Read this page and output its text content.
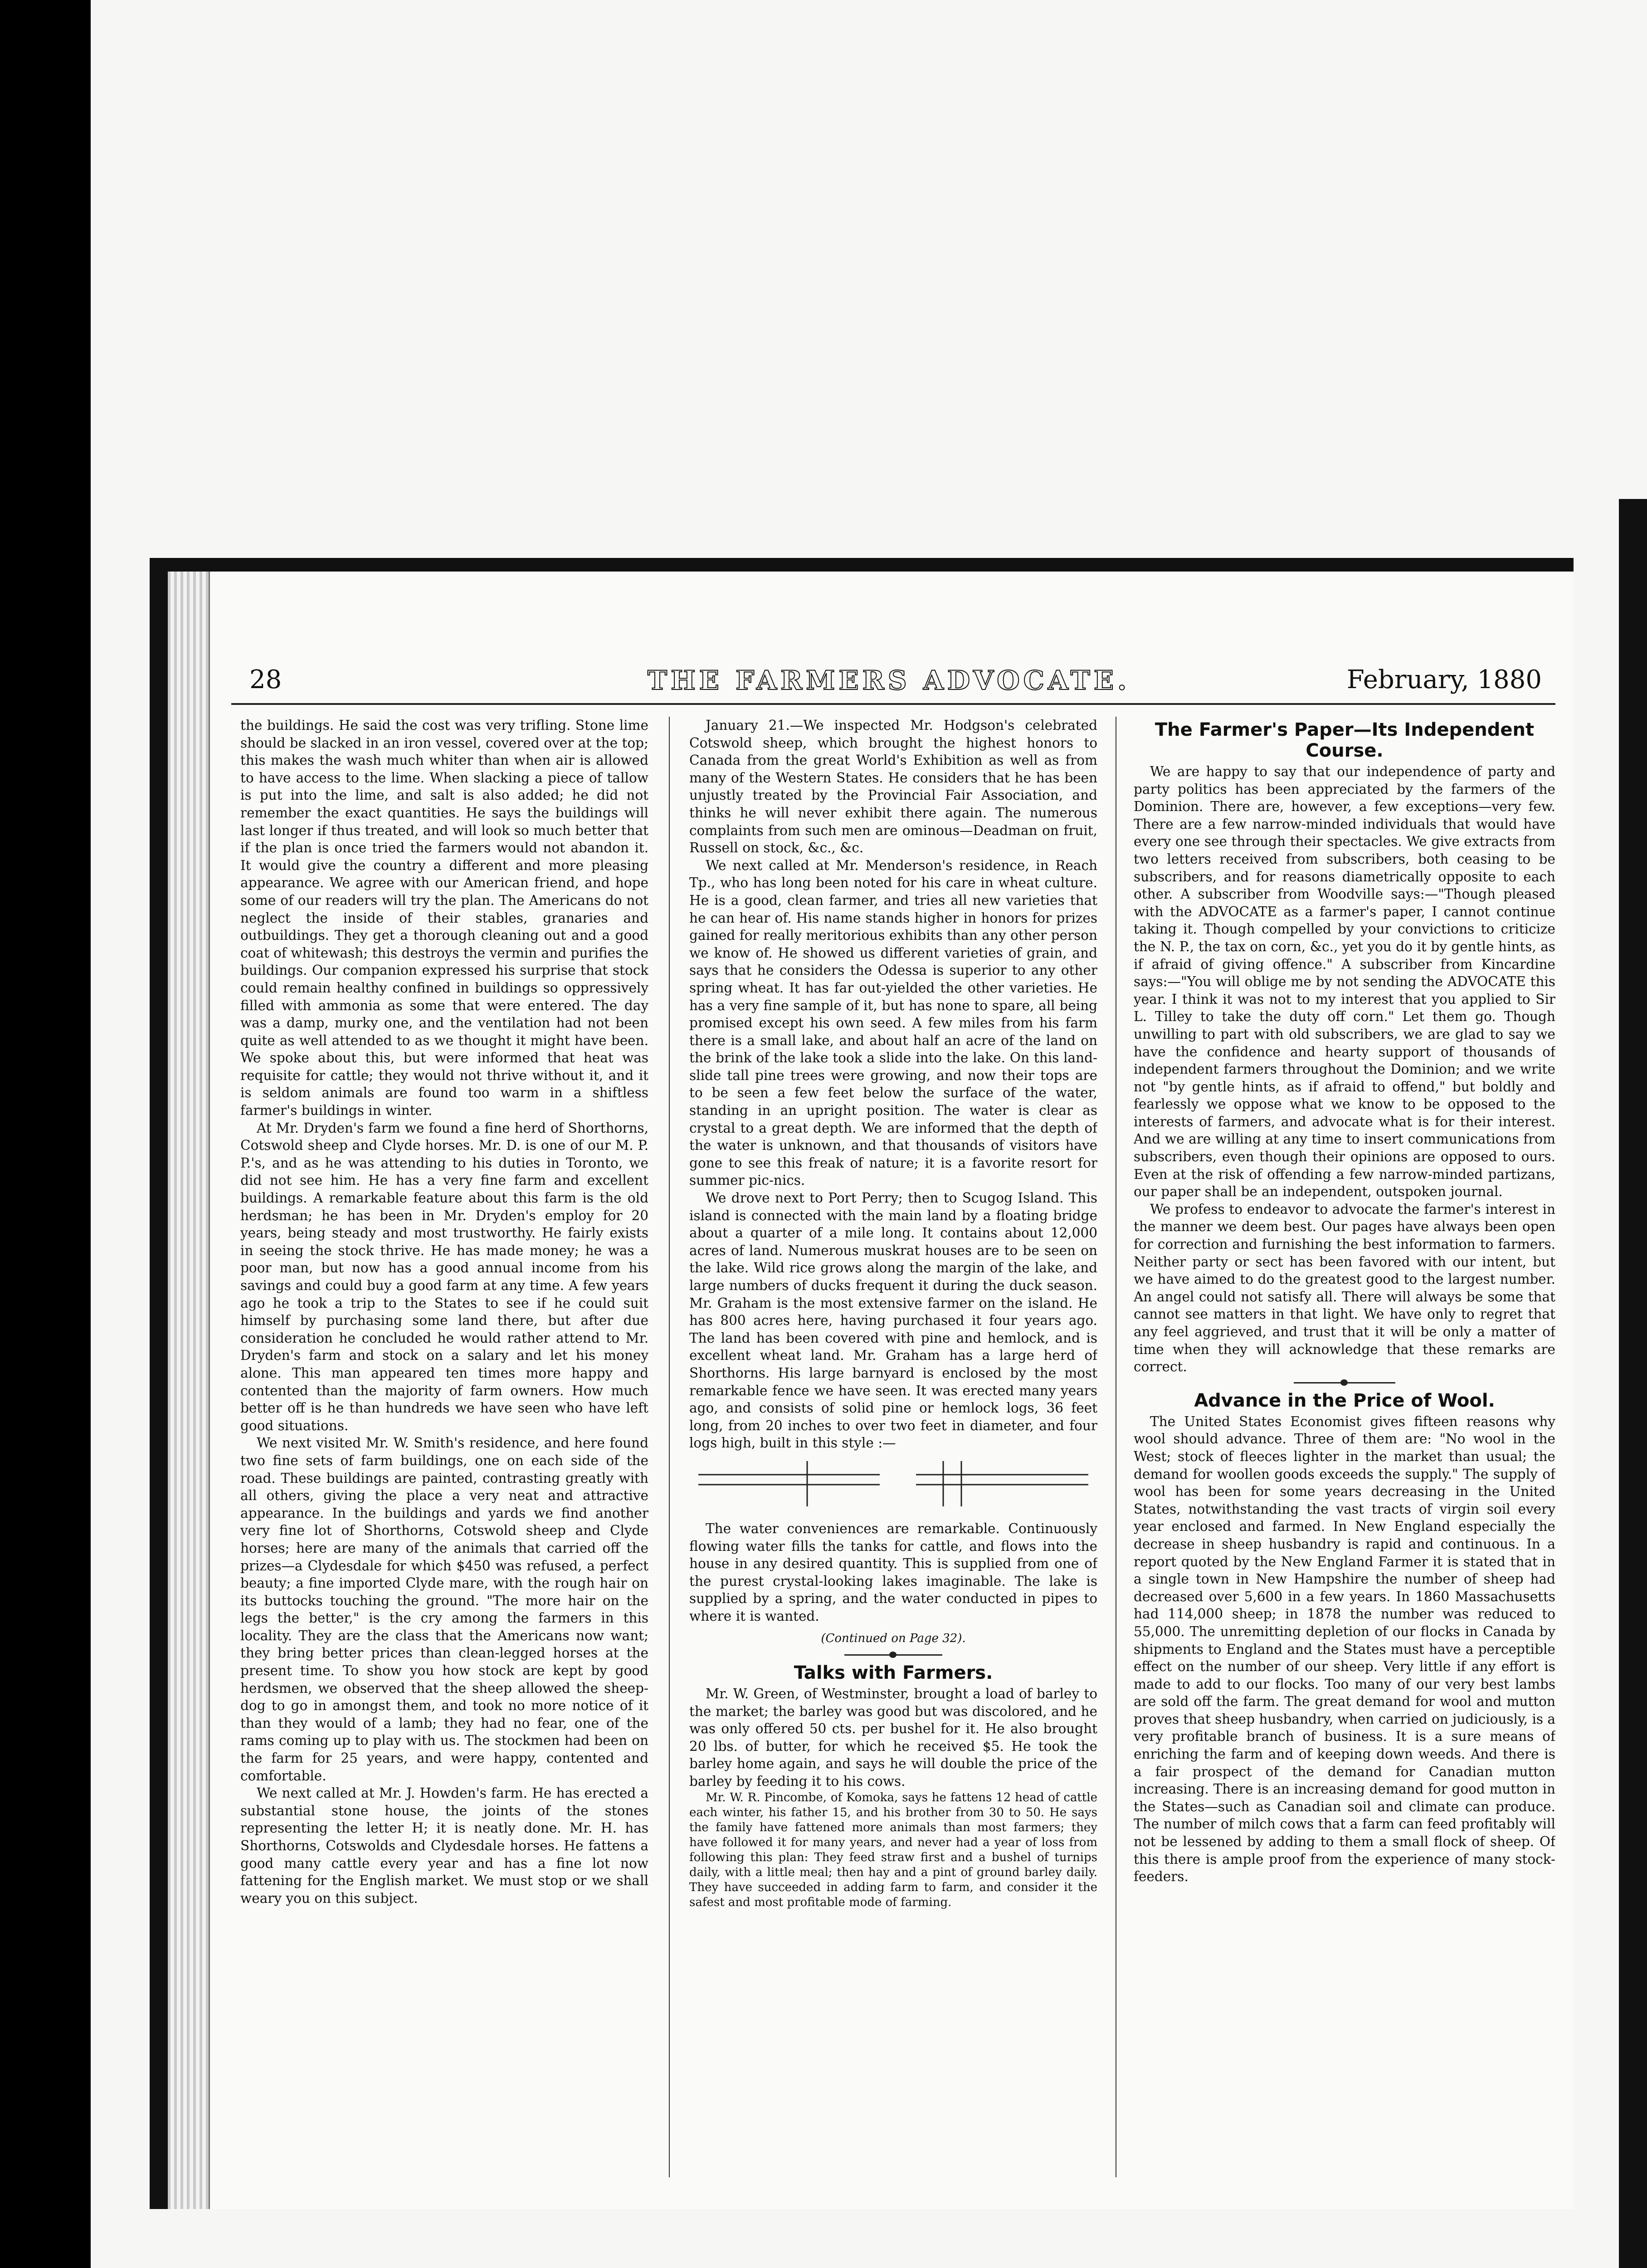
28	THE FARMERS ADVOCATE.	February, 1880

the buildings. He said the cost was very trifling. Stone lime should be slacked in an iron vessel, covered over at the top; this makes the wash much whiter than when air is allowed to have access to the lime. When slacking a piece of tallow is put into the lime, and salt is also added; he did not remember the exact quantities. He says the buildings will last longer if thus treated, and will look so much better that if the plan is once tried the farmers would not abandon it. It would give the country a different and more pleasing appearance. We agree with our American friend, and hope some of our readers will try the plan. The Americans do not neglect the inside of their stables, granaries and outbuildings. They get a thorough cleaning out and a good coat of whitewash; this destroys the vermin and purifies the buildings. Our companion expressed his surprise that stock could remain healthy confined in buildings so oppressively filled with ammonia as some that were entered. The day was a damp, murky one, and the ventilation had not been quite as well attended to as we thought it might have been. We spoke about this, but were informed that heat was requisite for cattle; they would not thrive without it, and it is seldom animals are found too warm in a shiftless farmer's buildings in winter.

At Mr. Dryden's farm we found a fine herd of Shorthorns, Cotswold sheep and Clyde horses. Mr. D. is one of our M. P. P.'s, and as he was attending to his duties in Toronto, we did not see him. He has a very fine farm and excellent buildings. A remarkable feature about this farm is the old herdsman; he has been in Mr. Dryden's employ for 20 years, being steady and most trustworthy. He fairly exists in seeing the stock thrive. He has made money; he was a poor man, but now has a good annual income from his savings and could buy a good farm at any time. A few years ago he took a trip to the States to see if he could suit himself by purchasing some land there, but after due consideration he concluded he would rather attend to Mr. Dryden's farm and stock on a salary and let his money alone. This man appeared ten times more happy and contented than the majority of farm owners. How much better off is he than hundreds we have seen who have left good situations.

We next visited Mr. W. Smith's residence, and here found two fine sets of farm buildings, one on each side of the road. These buildings are painted, contrasting greatly with all others, giving the place a very neat and attractive appearance. In the buildings and yards we find another very fine lot of Shorthorns, Cotswold sheep and Clyde horses; here are many of the animals that carried off the prizes—a Clydesdale for which $450 was refused, a perfect beauty; a fine imported Clyde mare, with the rough hair on its buttocks touching the ground. "The more hair on the legs the better," is the cry among the farmers in this locality. They are the class that the Americans now want; they bring better prices than clean-legged horses at the present time. To show you how stock are kept by good herdsmen, we observed that the sheep allowed the sheep-dog to go in amongst them, and took no more notice of it than they would of a lamb; they had no fear, one of the rams coming up to play with us. The stockmen had been on the farm for 25 years, and were happy, contented and comfortable.

We next called at Mr. J. Howden's farm. He has erected a substantial stone house, the joints of the stones representing the letter H; it is neatly done. Mr. H. has Shorthorns, Cotswolds and Clydesdale horses. He fattens a good many cattle every year and has a fine lot now fattening for the English market. We must stop or we shall weary you on this subject.

January 21.—We inspected Mr. Hodgson's celebrated Cotswold sheep, which brought the highest honors to Canada from the great World's Exhibition as well as from many of the Western States. He considers that he has been unjustly treated by the Provincial Fair Association, and thinks he will never exhibit there again. The numerous complaints from such men are ominous—Deadman on fruit, Russell on stock, &c., &c.

We next called at Mr. Menderson's residence, in Reach Tp., who has long been noted for his care in wheat culture. He is a good, clean farmer, and tries all new varieties that he can hear of. His name stands higher in honors for prizes gained for really meritorious exhibits than any other person we know of. He showed us different varieties of grain, and says that he considers the Odessa is superior to any other spring wheat. It has far out-yielded the other varieties. He has a very fine sample of it, but has none to spare, all being promised except his own seed. A few miles from his farm there is a small lake, and about half an acre of the land on the brink of the lake took a slide into the lake. On this land-slide tall pine trees were growing, and now their tops are to be seen a few feet below the surface of the water, standing in an upright position. The water is clear as crystal to a great depth. We are informed that the depth of the water is unknown, and that thousands of visitors have gone to see this freak of nature; it is a favorite resort for summer pic-nics.

We drove next to Port Perry; then to Scugog Island. This island is connected with the main land by a floating bridge about a quarter of a mile long. It contains about 12,000 acres of land. Numerous muskrat houses are to be seen on the lake. Wild rice grows along the margin of the lake, and large numbers of ducks frequent it during the duck season. Mr. Graham is the most extensive farmer on the island. He has 800 acres here, having purchased it four years ago. The land has been covered with pine and hemlock, and is excellent wheat land. Mr. Graham has a large herd of Shorthorns. His large barnyard is enclosed by the most remarkable fence we have seen. It was erected many years ago, and consists of solid pine or hemlock logs, 36 feet long, from 20 inches to over two feet in diameter, and four logs high, built in this style :—

The water conveniences are remarkable. Continuously flowing water fills the tanks for cattle, and flows into the house in any desired quantity. This is supplied from one of the purest crystal-looking lakes imaginable. The lake is supplied by a spring, and the water conducted in pipes to where it is wanted.

(Continued on Page 32).

Talks with Farmers.

Mr. W. Green, of Westminster, brought a load of barley to the market; the barley was good but was discolored, and he was only offered 50 cts. per bushel for it. He also brought 20 lbs. of butter, for which he received $5. He took the barley home again, and says he will double the price of the barley by feeding it to his cows.

Mr. W. R. Pincombe, of Komoka, says he fattens 12 head of cattle each winter, his father 15, and his brother from 30 to 50. He says the family have fattened more animals than most farmers; they have followed it for many years, and never had a year of loss from following this plan: They feed straw first and a bushel of turnips daily, with a little meal; then hay and a pint of ground barley daily. They have succeeded in adding farm to farm, and consider it the safest and most profitable mode of farming.

The Farmer's Paper—Its Independent Course.

We are happy to say that our independence of party and party politics has been appreciated by the farmers of the Dominion. There are, however, a few exceptions—very few. There are a few narrow-minded individuals that would have every one see through their spectacles. We give extracts from two letters received from subscribers, both ceasing to be subscribers, and for reasons diametrically opposite to each other. A subscriber from Woodville says:—"Though pleased with the ADVOCATE as a farmer's paper, I cannot continue taking it. Though compelled by your convictions to criticize the N. P., the tax on corn, &c., yet you do it by gentle hints, as if afraid of giving offence." A subscriber from Kincardine says:—"You will oblige me by not sending the ADVOCATE this year. I think it was not to my interest that you applied to Sir L. Tilley to take the duty off corn." Let them go. Though unwilling to part with old subscribers, we are glad to say we have the confidence and hearty support of thousands of independent farmers throughout the Dominion; and we write not "by gentle hints, as if afraid to offend," but boldly and fearlessly we oppose what we know to be opposed to the interests of farmers, and advocate what is for their interest. And we are willing at any time to insert communications from subscribers, even though their opinions are opposed to ours. Even at the risk of offending a few narrow-minded partizans, our paper shall be an independent, outspoken journal.

We profess to endeavor to advocate the farmer's interest in the manner we deem best. Our pages have always been open for correction and furnishing the best information to farmers. Neither party or sect has been favored with our intent, but we have aimed to do the greatest good to the largest number. An angel could not satisfy all. There will always be some that cannot see matters in that light. We have only to regret that any feel aggrieved, and trust that it will be only a matter of time when they will acknowledge that these remarks are correct.

Advance in the Price of Wool.

The United States Economist gives fifteen reasons why wool should advance. Three of them are: "No wool in the West; stock of fleeces lighter in the market than usual; the demand for woollen goods exceeds the supply." The supply of wool has been for some years decreasing in the United States, notwithstanding the vast tracts of virgin soil every year enclosed and farmed. In New England especially the decrease in sheep husbandry is rapid and continuous. In a report quoted by the New England Farmer it is stated that in a single town in New Hampshire the number of sheep had decreased over 5,600 in a few years. In 1860 Massachusetts had 114,000 sheep; in 1878 the number was reduced to 55,000. The unremitting depletion of our flocks in Canada by shipments to England and the States must have a perceptible effect on the number of our sheep. Very little if any effort is made to add to our flocks. Too many of our very best lambs are sold off the farm. The great demand for wool and mutton proves that sheep husbandry, when carried on judiciously, is a very profitable branch of business. It is a sure means of enriching the farm and of keeping down weeds. And there is a fair prospect of the demand for Canadian mutton increasing. There is an increasing demand for good mutton in the States—such as Canadian soil and climate can produce. The number of milch cows that a farm can feed profitably will not be lessened by adding to them a small flock of sheep. Of this there is ample proof from the experience of many stock-feeders.
